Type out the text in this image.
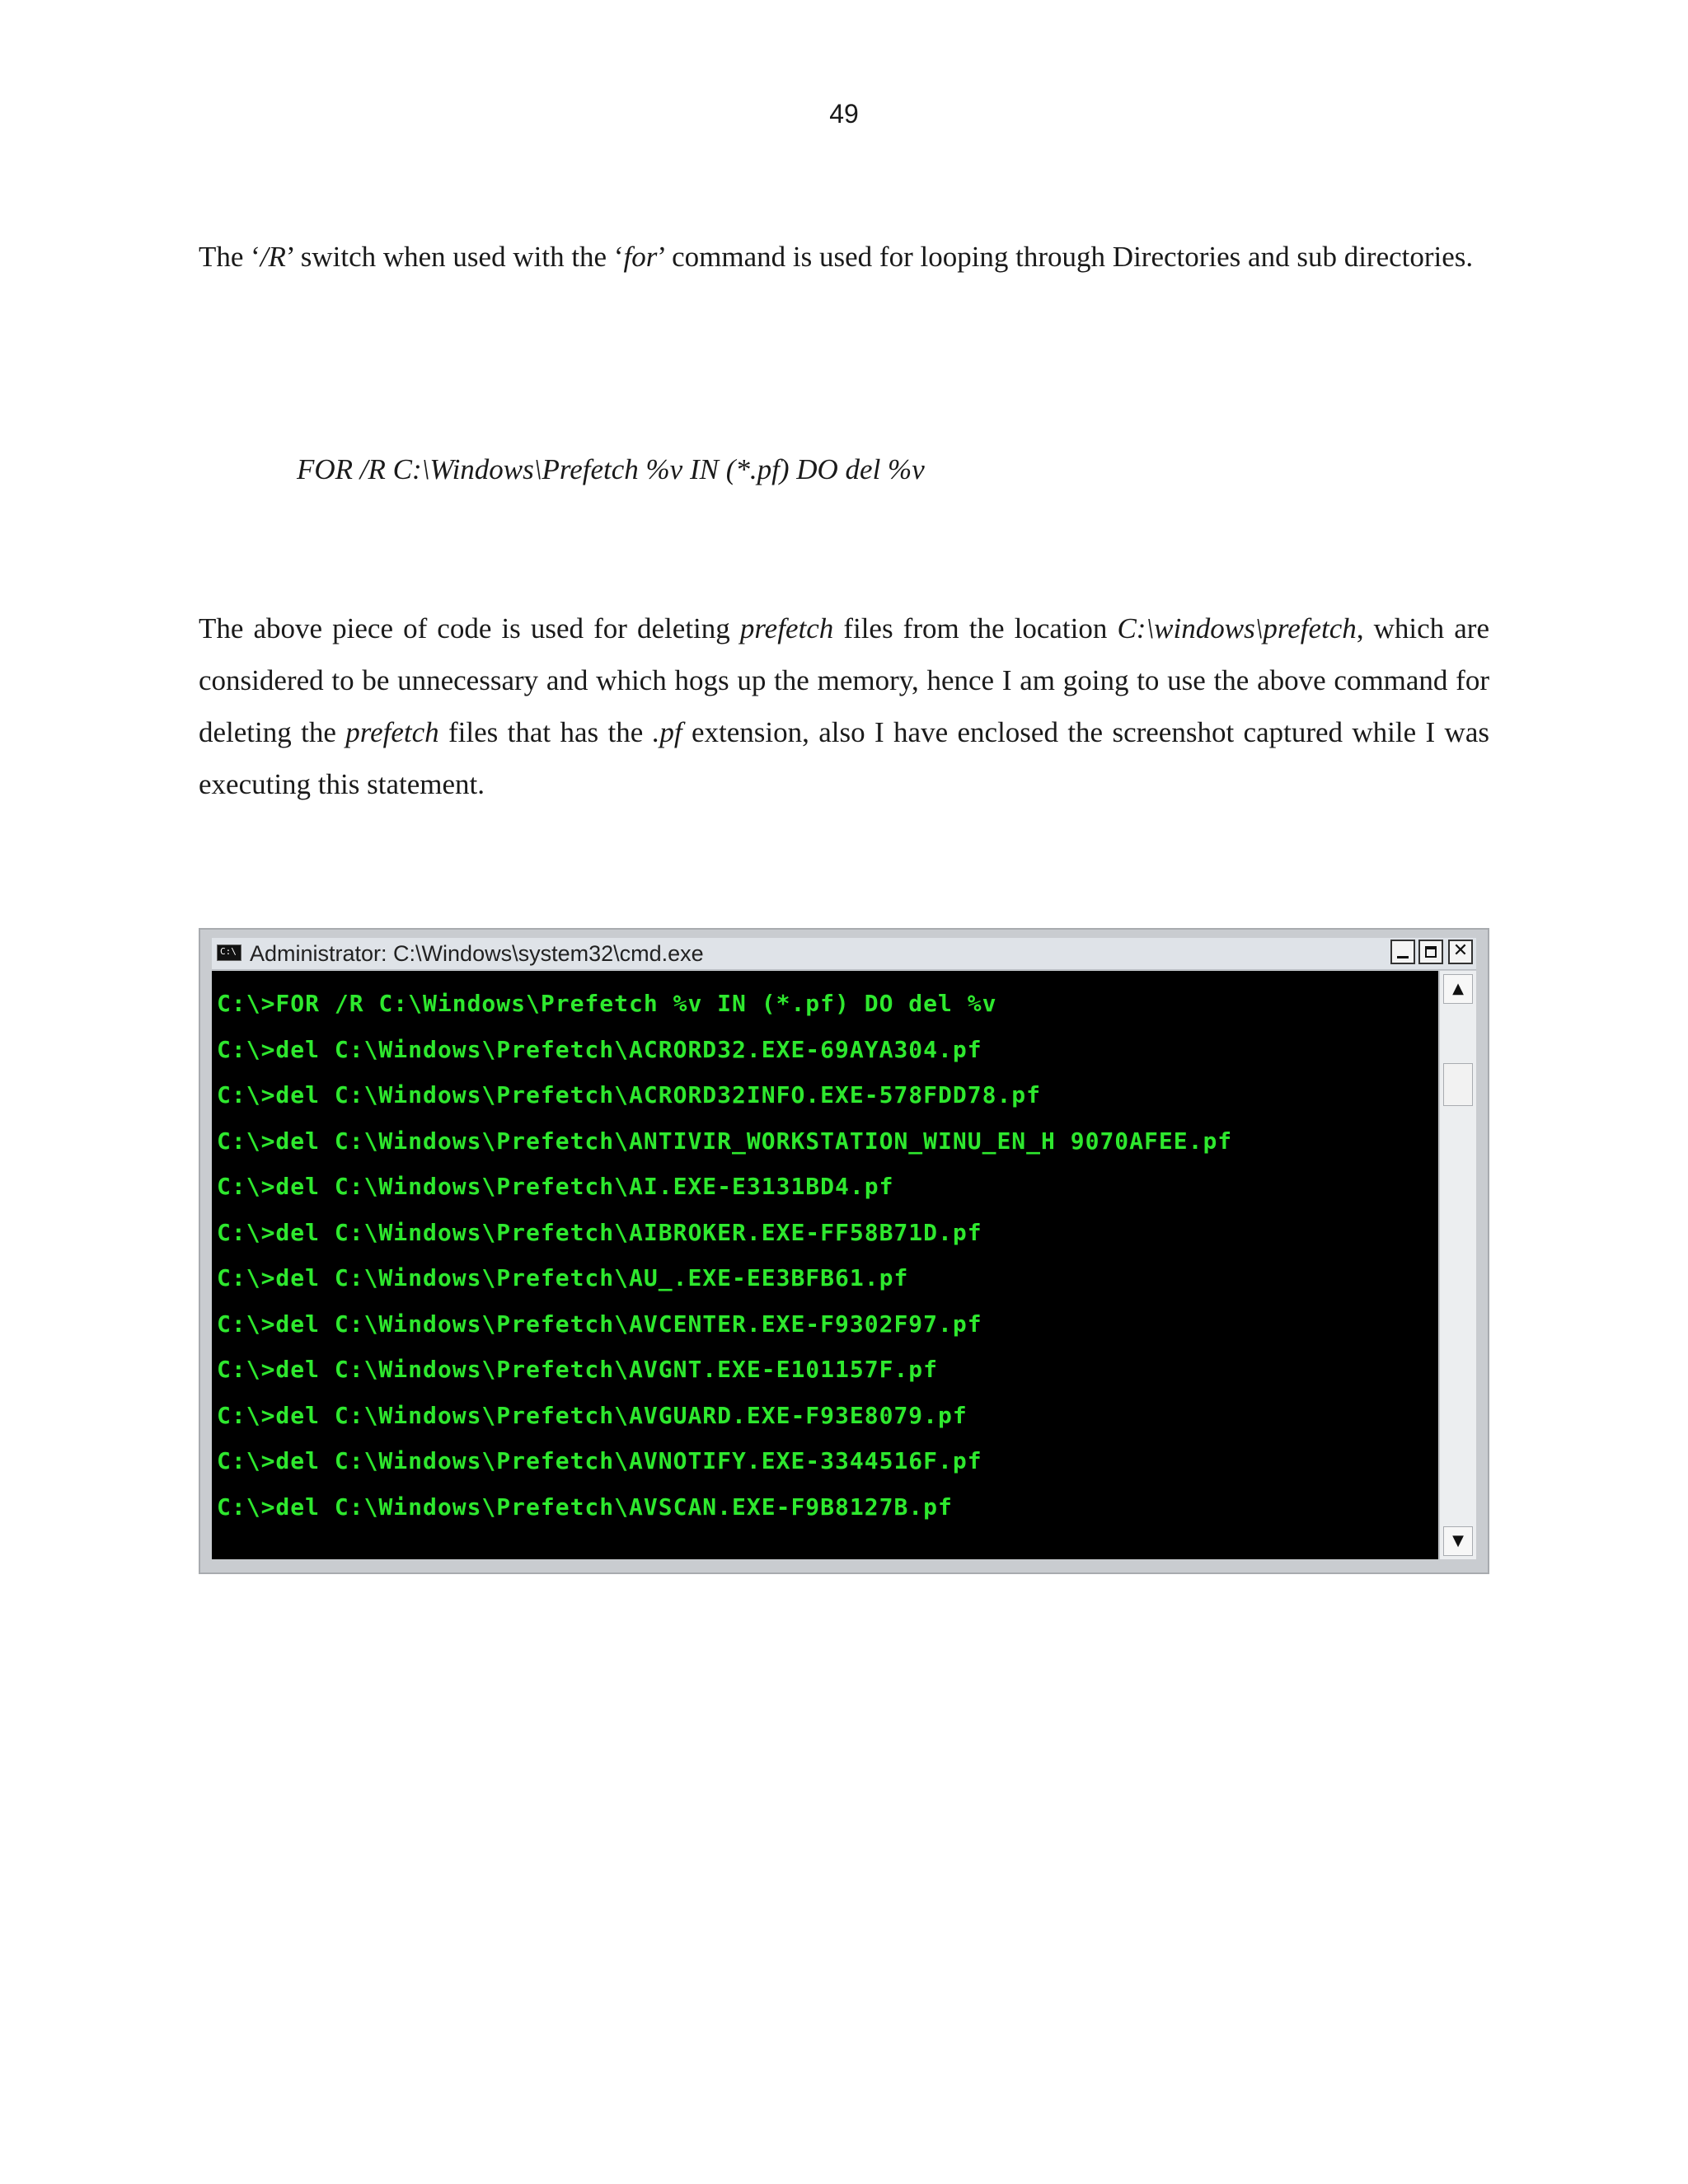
49

The ‘/R’ switch when used with the ‘for’ command is used for looping through Directories and sub directories.

FOR /R C:\Windows\Prefetch %v IN (*.pf) DO del %v

The above piece of code is used for deleting prefetch files from the location C:\windows\prefetch, which are considered to be unnecessary and which hogs up the memory, hence I am going to use the above command for deleting the prefetch files that has the .pf extension, also I have enclosed the screenshot captured while I was executing this statement.

C:\ Administrator: C:\Windows\system32\cmd.exe	✕
C:\>FOR /R C:\Windows\Prefetch %v IN (*.pf) DO del %v
C:\>del C:\Windows\Prefetch\ACRORD32.EXE-69AYA304.pf
C:\>del C:\Windows\Prefetch\ACRORD32INFO.EXE-578FDD78.pf
C:\>del C:\Windows\Prefetch\ANTIVIR_WORKSTATION_WINU_EN_H 9070AFEE.pf
C:\>del C:\Windows\Prefetch\AI.EXE-E3131BD4.pf
C:\>del C:\Windows\Prefetch\AIBROKER.EXE-FF58B71D.pf
C:\>del C:\Windows\Prefetch\AU_.EXE-EE3BFB61.pf
C:\>del C:\Windows\Prefetch\AVCENTER.EXE-F9302F97.pf
C:\>del C:\Windows\Prefetch\AVGNT.EXE-E101157F.pf
C:\>del C:\Windows\Prefetch\AVGUARD.EXE-F93E8079.pf
C:\>del C:\Windows\Prefetch\AVNOTIFY.EXE-3344516F.pf
C:\>del C:\Windows\Prefetch\AVSCAN.EXE-F9B8127B.pf
▲
▼
